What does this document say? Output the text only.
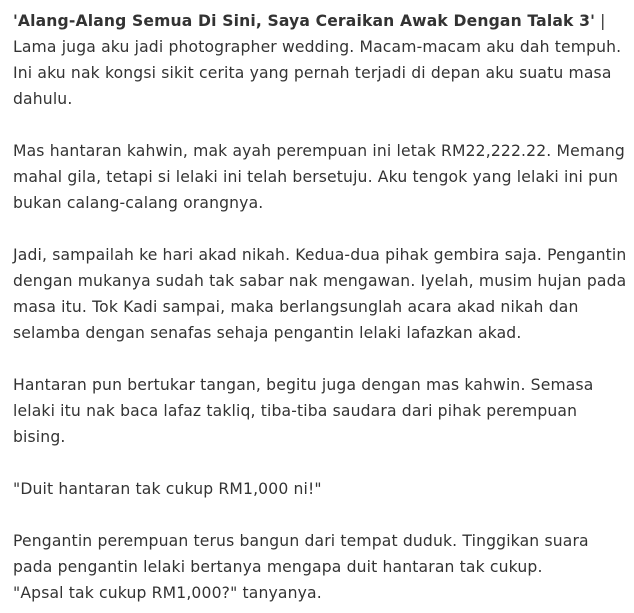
'Alang-Alang Semua Di Sini, Saya Ceraikan Awak Dengan Talak 3' |
Lama juga aku jadi photographer wedding. Macam-macam aku dah tempuh. Ini aku nak kongsi sikit cerita yang pernah terjadi di depan aku suatu masa dahulu.

Mas hantaran kahwin, mak ayah perempuan ini letak RM22,222.22. Memang mahal gila, tetapi si lelaki ini telah bersetuju. Aku tengok yang lelaki ini pun bukan calang-calang orangnya.

Jadi, sampailah ke hari akad nikah. Kedua-dua pihak gembira saja. Pengantin dengan mukanya sudah tak sabar nak mengawan. Iyelah, musim hujan pada masa itu. Tok Kadi sampai, maka berlangsunglah acara akad nikah dan selamba dengan senafas sehaja pengantin lelaki lafazkan akad.

Hantaran pun bertukar tangan, begitu juga dengan mas kahwin. Semasa lelaki itu nak baca lafaz takliq, tiba-tiba saudara dari pihak perempuan bising.

"Duit hantaran tak cukup RM1,000 ni!"

Pengantin perempuan terus bangun dari tempat duduk. Tinggikan suara pada pengantin lelaki bertanya mengapa duit hantaran tak cukup.
"Apsal tak cukup RM1,000?" tanyanya.
